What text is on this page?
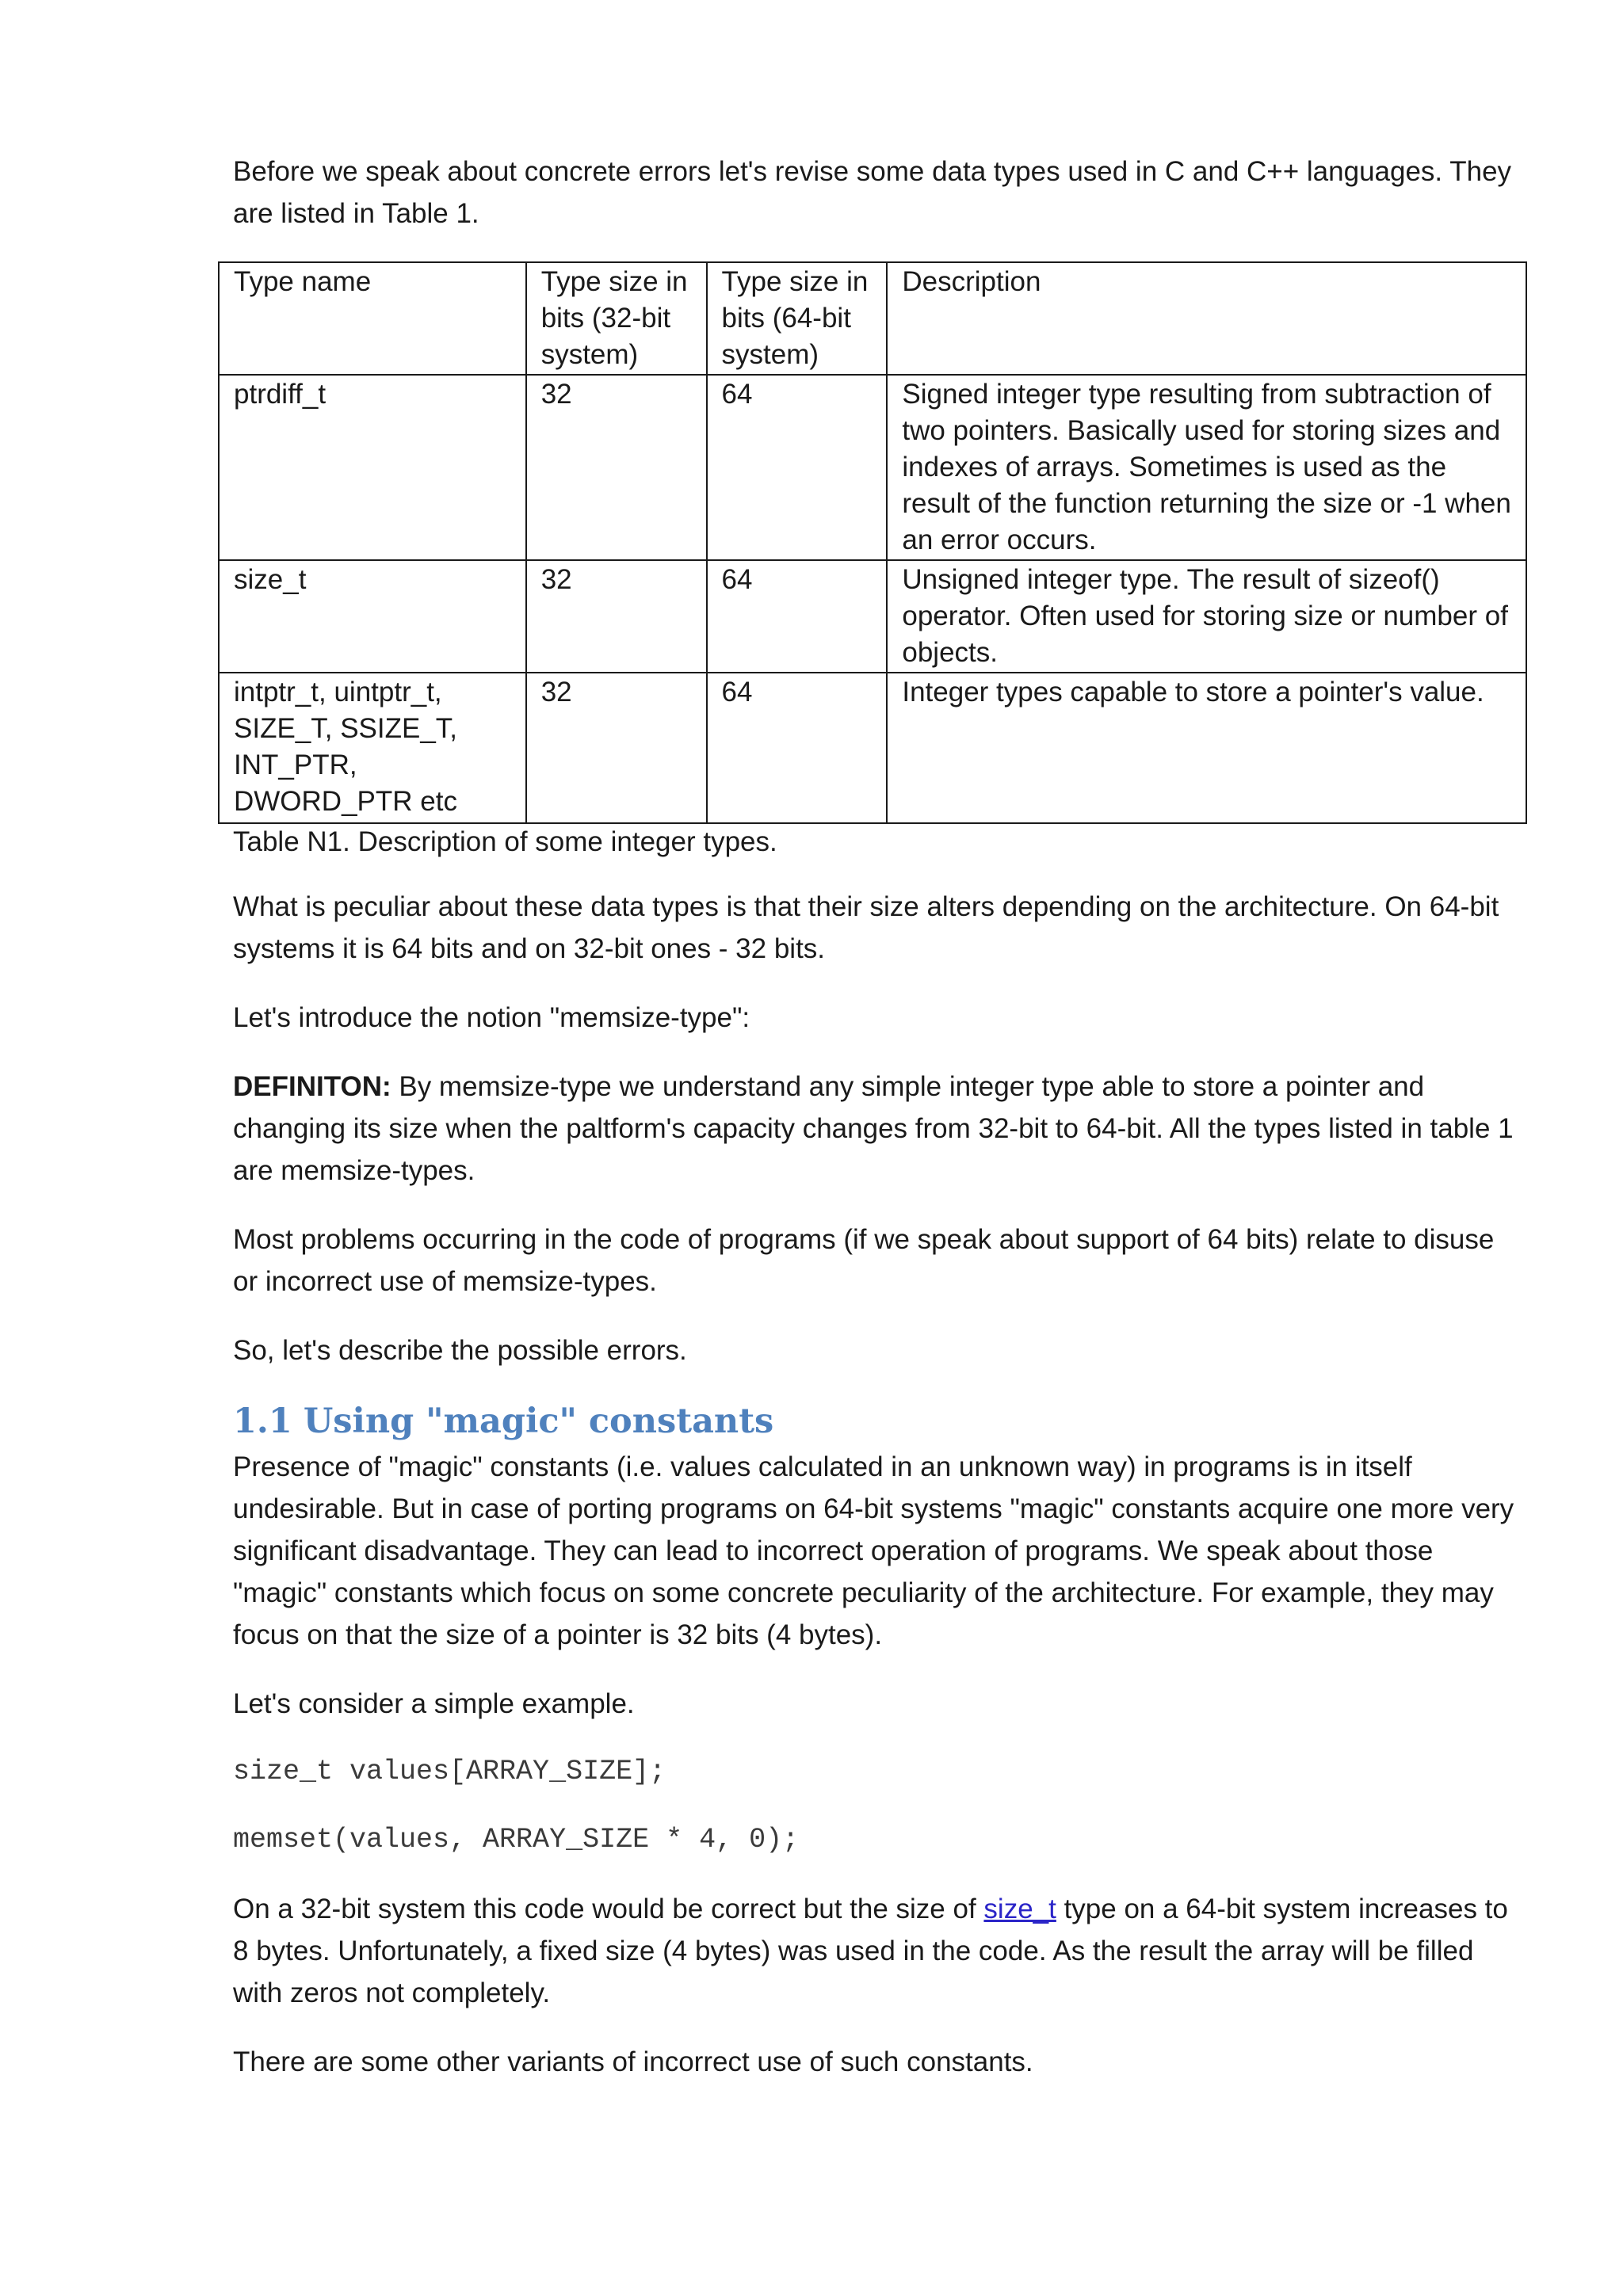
Before we speak about concrete errors let's revise some data types used in C and C++ languages. They are listed in Table 1.

Type name	Type size in bits (32-bit system)	Type size in bits (64-bit system)	Description
ptrdiff_t	32	64	Signed integer type resulting from subtraction of two pointers. Basically used for storing sizes and indexes of arrays. Sometimes is used as the result of the function returning the size or -1 when an error occurs.
size_t	32	64	Unsigned integer type. The result of sizeof() operator. Often used for storing size or number of objects.
intptr_t, uintptr_t, SIZE_T, SSIZE_T, INT_PTR, DWORD_PTR etc	32	64	Integer types capable to store a pointer's value.

Table N1. Description of some integer types.

What is peculiar about these data types is that their size alters depending on the architecture. On 64-bit systems it is 64 bits and on 32-bit ones - 32 bits.

Let's introduce the notion "memsize-type":

DEFINITON: By memsize-type we understand any simple integer type able to store a pointer and changing its size when the paltform's capacity changes from 32-bit to 64-bit. All the types listed in table 1 are memsize-types.

Most problems occurring in the code of programs (if we speak about support of 64 bits) relate to disuse or incorrect use of memsize-types.

So, let's describe the possible errors.

1.1 Using "magic" constants

Presence of "magic" constants (i.e. values calculated in an unknown way) in programs is in itself undesirable. But in case of porting programs on 64-bit systems "magic" constants acquire one more very significant disadvantage. They can lead to incorrect operation of programs. We speak about those "magic" constants which focus on some concrete peculiarity of the architecture. For example, they may focus on that the size of a pointer is 32 bits (4 bytes).

Let's consider a simple example.

size_t values[ARRAY_SIZE];
memset(values, ARRAY_SIZE * 4, 0);

On a 32-bit system this code would be correct but the size of size_t type on a 64-bit system increases to 8 bytes. Unfortunately, a fixed size (4 bytes) was used in the code. As the result the array will be filled with zeros not completely.

There are some other variants of incorrect use of such constants.
